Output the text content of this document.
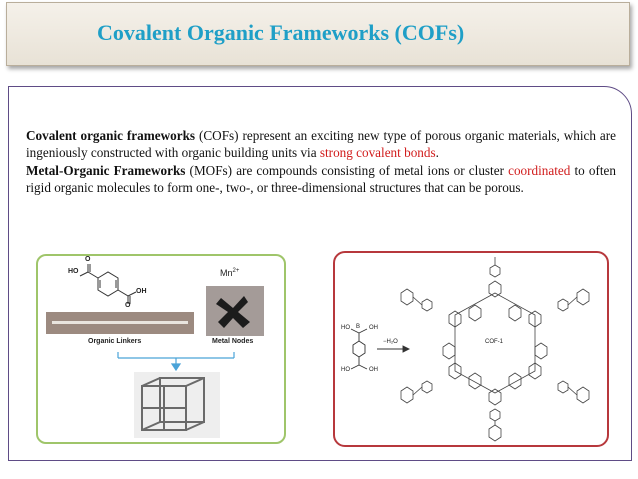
Covalent Organic Frameworks (COFs)
Covalent organic frameworks (COFs) represent an exciting new type of porous organic materials, which are ingeniously constructed with organic building units via strong covalent bonds.
Metal-Organic Frameworks (MOFs) are compounds consisting of metal ions or cluster coordinated to often rigid organic molecules to form one-, two-, or three-dimensional structures that can be porous.
HO
OH
O
O
$Mn^{2+}$
Organic Linkers	Metal Nodes
HO	OH
B
HO	OH
−H₂O	COF-1
